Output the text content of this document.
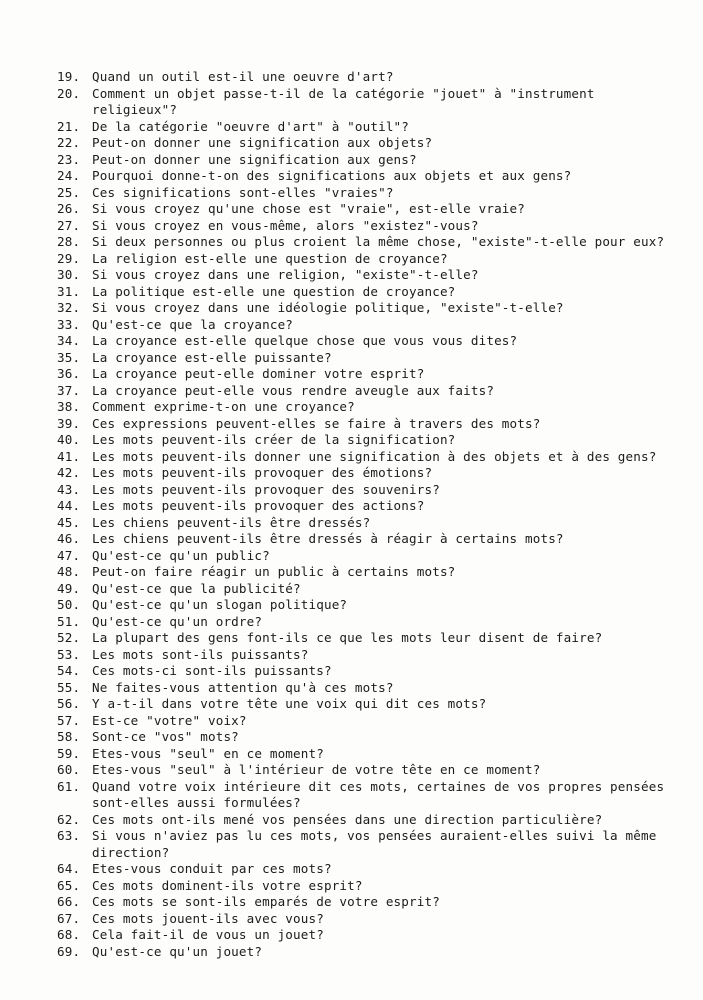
19. Quand un outil est-il une oeuvre d'art?
20. Comment un objet passe-t-il de la catégorie "jouet" à "instrument religieux"?
21. De la catégorie "oeuvre d'art" à "outil"?
22. Peut-on donner une signification aux objets?
23. Peut-on donner une signification aux gens?
24. Pourquoi donne-t-on des significations aux objets et aux gens?
25. Ces significations sont-elles "vraies"?
26. Si vous croyez qu'une chose est "vraie", est-elle vraie?
27. Si vous croyez en vous-même, alors "existez"-vous?
28. Si deux personnes ou plus croient la même chose, "existe"-t-elle pour eux?
29. La religion est-elle une question de croyance?
30. Si vous croyez dans une religion, "existe"-t-elle?
31. La politique est-elle une question de croyance?
32. Si vous croyez dans une idéologie politique, "existe"-t-elle?
33. Qu'est-ce que la croyance?
34. La croyance est-elle quelque chose que vous vous dites?
35. La croyance est-elle puissante?
36. La croyance peut-elle dominer votre esprit?
37. La croyance peut-elle vous rendre aveugle aux faits?
38. Comment exprime-t-on une croyance?
39. Ces expressions peuvent-elles se faire à travers des mots?
40. Les mots peuvent-ils créer de la signification?
41. Les mots peuvent-ils donner une signification à des objets et à des gens?
42. Les mots peuvent-ils provoquer des émotions?
43. Les mots peuvent-ils provoquer des souvenirs?
44. Les mots peuvent-ils provoquer des actions?
45. Les chiens peuvent-ils être dressés?
46. Les chiens peuvent-ils être dressés à réagir à certains mots?
47. Qu'est-ce qu'un public?
48. Peut-on faire réagir un public à certains mots?
49. Qu'est-ce que la publicité?
50. Qu'est-ce qu'un slogan politique?
51. Qu'est-ce qu'un ordre?
52. La plupart des gens font-ils ce que les mots leur disent de faire?
53. Les mots sont-ils puissants?
54. Ces mots-ci sont-ils puissants?
55. Ne faites-vous attention qu'à ces mots?
56. Y a-t-il dans votre tête une voix qui dit ces mots?
57. Est-ce "votre" voix?
58. Sont-ce "vos" mots?
59. Etes-vous "seul" en ce moment?
60. Etes-vous "seul" à l'intérieur de votre tête en ce moment?
61. Quand votre voix intérieure dit ces mots, certaines de vos propres pensées sont-elles aussi formulées?
62. Ces mots ont-ils mené vos pensées dans une direction particulière?
63. Si vous n'aviez pas lu ces mots, vos pensées auraient-elles suivi la même direction?
64. Etes-vous conduit par ces mots?
65. Ces mots dominent-ils votre esprit?
66. Ces mots se sont-ils emparés de votre esprit?
67. Ces mots jouent-ils avec vous?
68. Cela fait-il de vous un jouet?
69. Qu'est-ce qu'un jouet?
